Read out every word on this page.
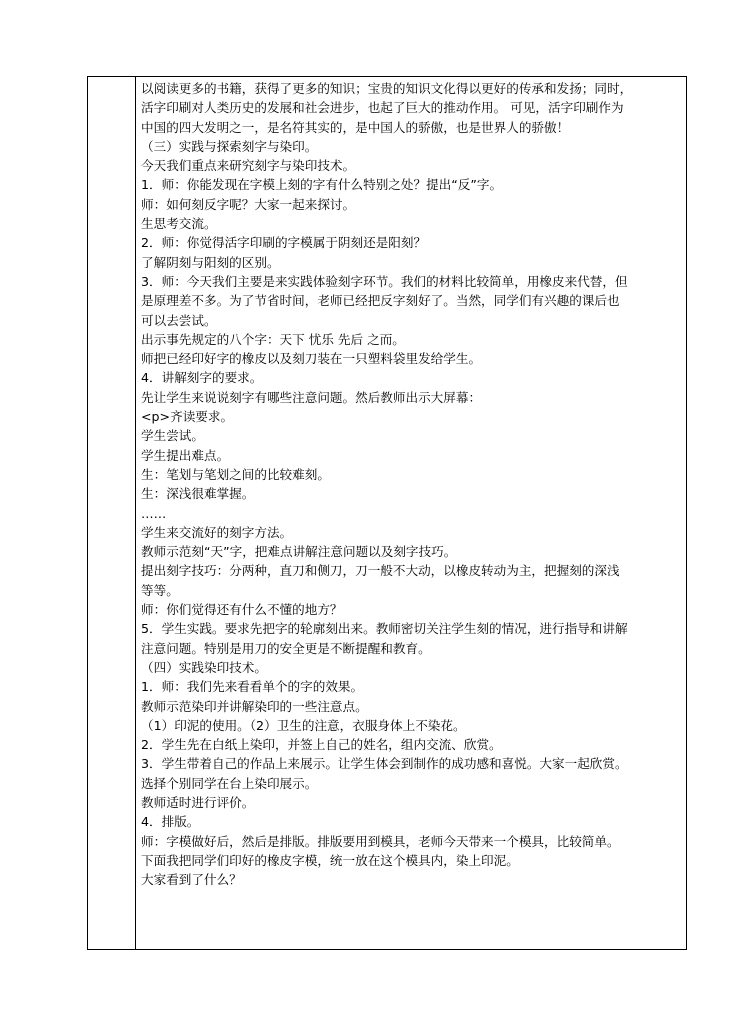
以阅读更多的书籍，获得了更多的知识；宝贵的知识文化得以更好的传承和发扬；同时，
活字印刷对人类历史的发展和社会进步，也起了巨大的推动作用。 可见，活字印刷作为
中国的四大发明之一，是名符其实的，是中国人的骄傲，也是世界人的骄傲！
（三）实践与探索刻字与染印。
今天我们重点来研究刻字与染印技术。
1．师：你能发现在字模上刻的字有什么特别之处？提出“反”字。
师：如何刻反字呢？大家一起来探讨。
生思考交流。
2．师：你觉得活字印刷的字模属于阴刻还是阳刻？
了解阴刻与阳刻的区别。
3．师：今天我们主要是来实践体验刻字环节。我们的材料比较简单，用橡皮来代替，但
是原理差不多。为了节省时间，老师已经把反字刻好了。当然，同学们有兴趣的课后也
可以去尝试。
出示事先规定的八个字：天下 忧乐 先后 之而。
师把已经印好字的橡皮以及刻刀装在一只塑料袋里发给学生。
4．讲解刻字的要求。
先让学生来说说刻字有哪些注意问题。然后教师出示大屏幕：
<p>齐读要求。
学生尝试。
学生提出难点。
生：笔划与笔划之间的比较难刻。
生：深浅很难掌握。
……
学生来交流好的刻字方法。
教师示范刻“天”字，把难点讲解注意问题以及刻字技巧。
提出刻字技巧：分两种，直刀和侧刀，刀一般不大动，以橡皮转动为主，把握刻的深浅
等等。
师：你们觉得还有什么不懂的地方？
5．学生实践。要求先把字的轮廓刻出来。教师密切关注学生刻的情况，进行指导和讲解
注意问题。特别是用刀的安全更是不断提醒和教育。
（四）实践染印技术。
1．师：我们先来看看单个的字的效果。
教师示范染印并讲解染印的一些注意点。
（1）印泥的使用。（2）卫生的注意，衣服身体上不染花。
2．学生先在白纸上染印，并签上自己的姓名，组内交流、欣赏。
3．学生带着自己的作品上来展示。让学生体会到制作的成功感和喜悦。大家一起欣赏。
选择个别同学在台上染印展示。
教师适时进行评价。
4．排版。
师：字模做好后，然后是排版。排版要用到模具，老师今天带来一个模具，比较简单。
下面我把同学们印好的橡皮字模，统一放在这个模具内，染上印泥。
大家看到了什么？
